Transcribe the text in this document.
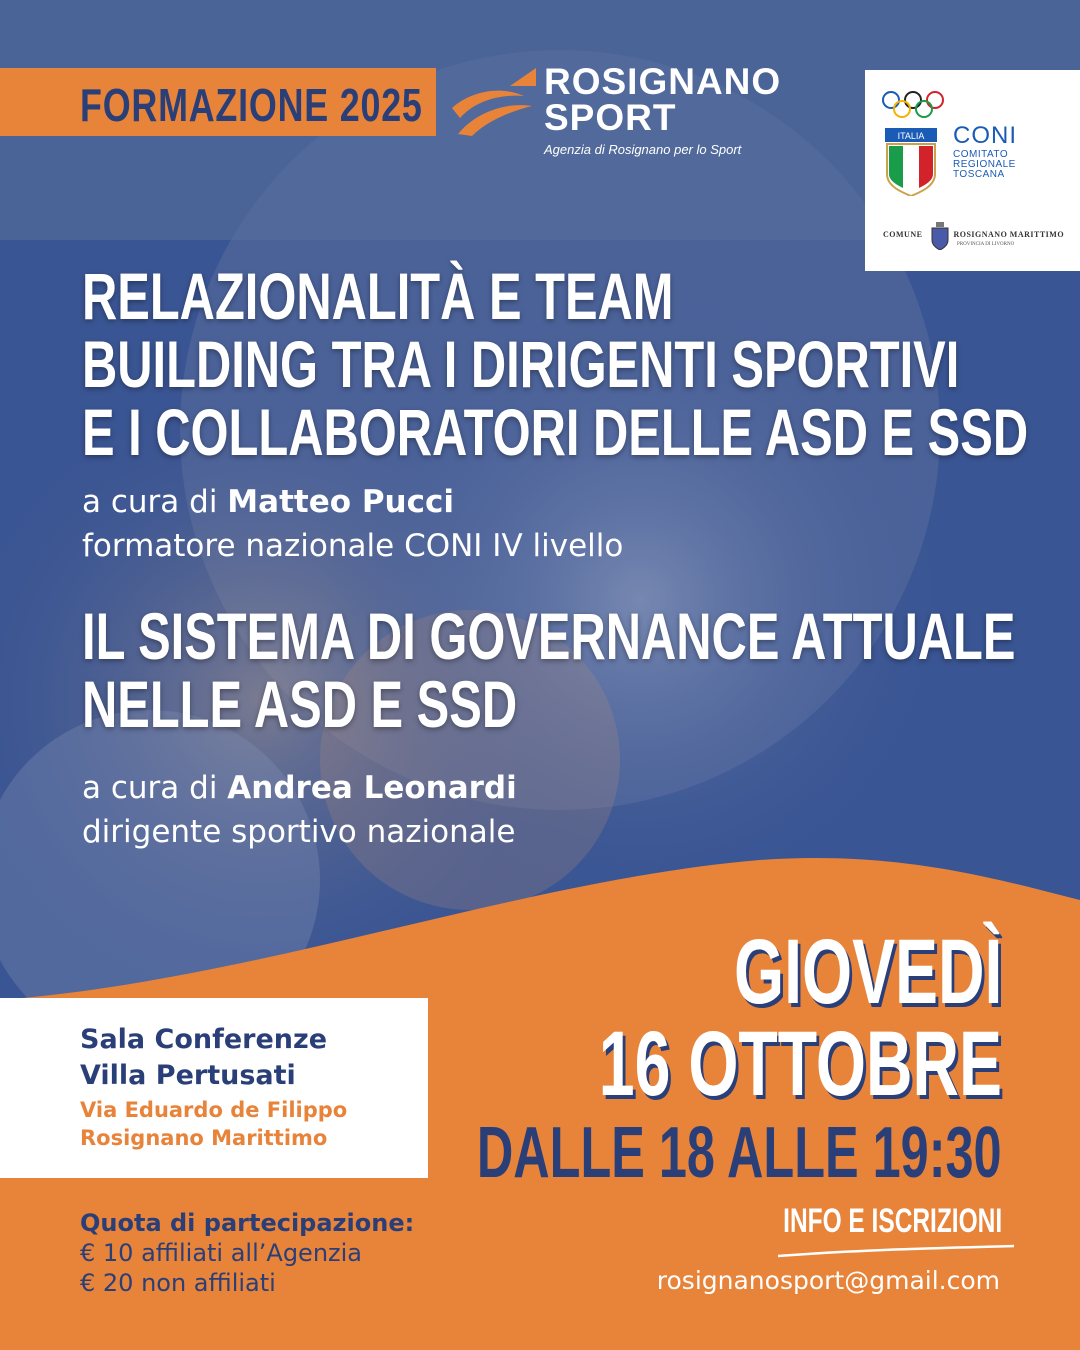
FORMAZIONE 2025	ROSIGNANO
SPORT
Agenzia di Rosignano per lo Sport
ITALIA CONI
COMITATO
REGIONALE
TOSCANA
COMUNE	ROSIGNANO MARITTIMO
PROVINCIA DI LIVORNO
RELAZIONALITÀ E TEAM
BUILDING TRA I DIRIGENTI SPORTIVI
E I COLLABORATORI DELLE ASD E SSD
a cura di Matteo Pucci
formatore nazionale CONI IV livello
IL SISTEMA DI GOVERNANCE ATTUALE
NELLE ASD E SSD
a cura di Andrea Leonardi
dirigente sportivo nazionale
Sala Conferenze
Villa Pertusati
Via Eduardo de Filippo
Rosignano Marittimo
Quota di partecipazione:
€ 10 affiliati all’Agenzia
€ 20 non affiliati
GIOVEDÌ
16 OTTOBRE
DALLE 18 ALLE 19:30
INFO E ISCRIZIONI
rosignanosport@gmail.com
